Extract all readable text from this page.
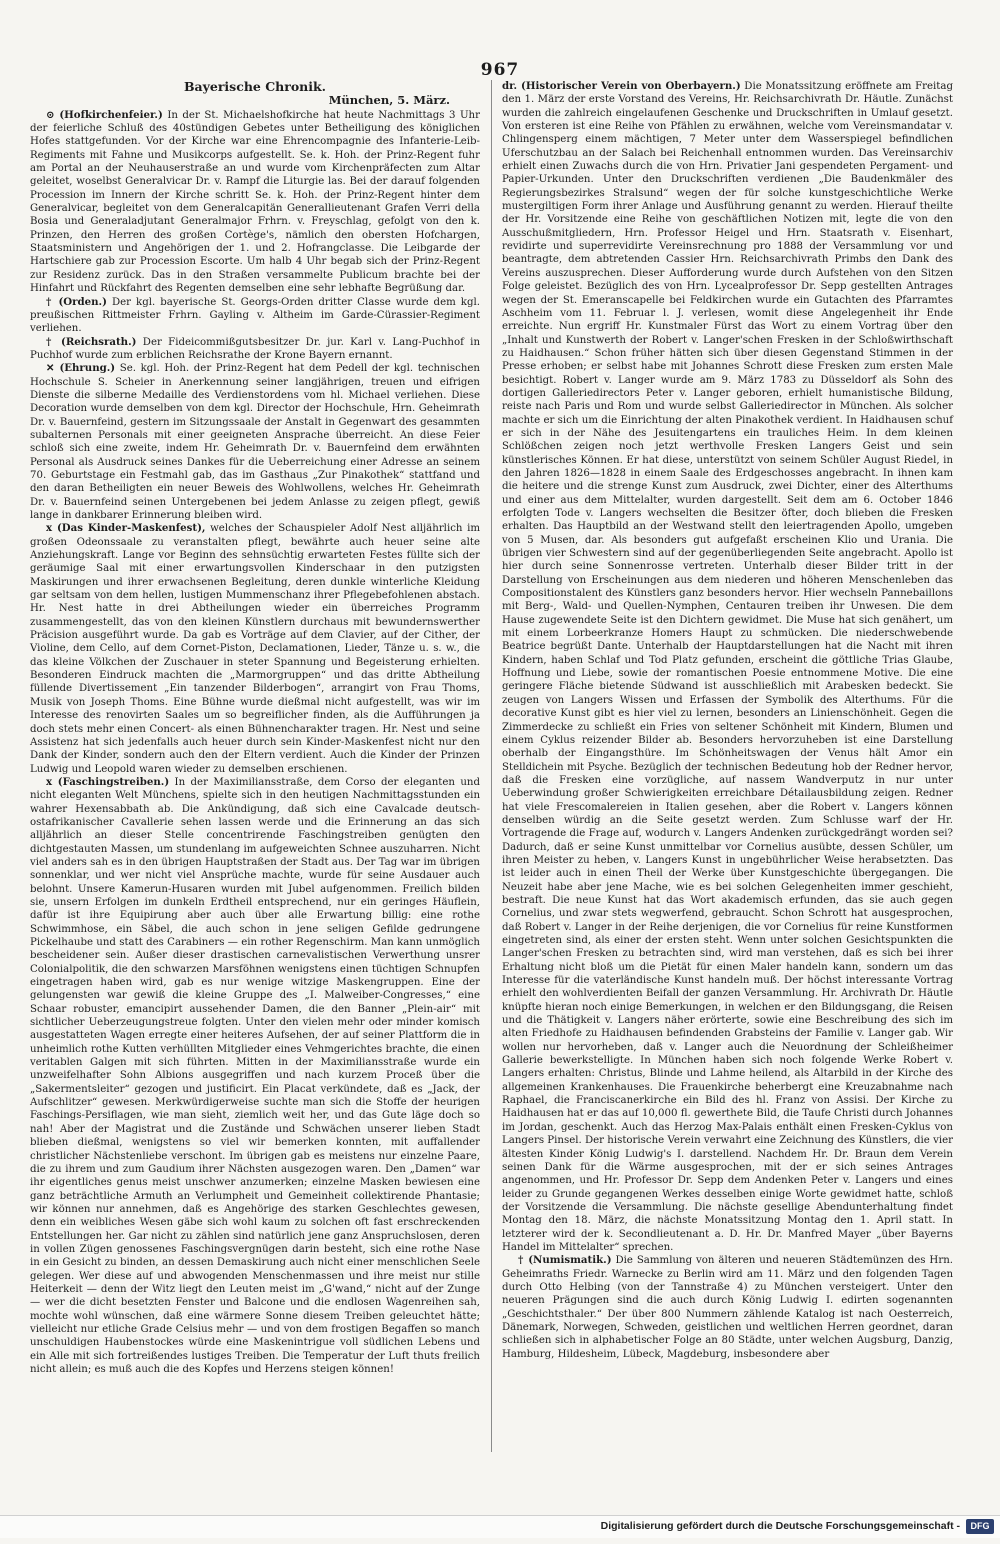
967
Bayerische Chronik.
München, 5. März.

⊙ (Hofkirchenfeier.) In der St. Michaelshofkirche hat heute Nachmittags 3 Uhr der feierliche Schluß des 40stündigen Gebetes unter Betheiligung des königlichen Hofes stattgefunden. Vor der Kirche war eine Ehrencompagnie des Infanterie-Leib-Regiments mit Fahne und Musikcorps aufgestellt. Se. k. Hoh. der Prinz-Regent fuhr am Portal an der Neuhauserstraße an und wurde vom Kirchenpräfecten zum Altar geleitet, woselbst Generalvicar Dr. v. Rampf die Liturgie las. Bei der darauf folgenden Procession im Innern der Kirche schritt Se. k. Hoh. der Prinz-Regent hinter dem Generalvicar, begleitet von dem Generalcapitän Generallieutenant Grafen Verri della Bosia und Generaladjutant Generalmajor Frhrn. v. Freyschlag, gefolgt von den k. Prinzen, den Herren des großen Cortège's, nämlich den obersten Hofchargen, Staatsministern und Angehörigen der 1. und 2. Hofrangclasse. Die Leibgarde der Hartschiere gab zur Procession Escorte. Um halb 4 Uhr begab sich der Prinz-Regent zur Residenz zurück. Das in den Straßen versammelte Publicum brachte bei der Hinfahrt und Rückfahrt des Regenten demselben eine sehr lebhafte Begrüßung dar.

† (Orden.) Der kgl. bayerische St. Georgs-Orden dritter Classe wurde dem kgl. preußischen Rittmeister Frhrn. Gayling v. Altheim im Garde-Cürassier-Regiment verliehen.

† (Reichsrath.) Der Fideicommißgutsbesitzer Dr. jur. Karl v. Lang-Puchhof in Puchhof wurde zum erblichen Reichsrathe der Krone Bayern ernannt.

✕ (Ehrung.) Se. kgl. Hoh. der Prinz-Regent hat dem Pedell der kgl. technischen Hochschule S. Scheier in Anerkennung seiner langjährigen, treuen und eifrigen Dienste die silberne Medaille des Verdienstordens vom hl. Michael verliehen. Diese Decoration wurde demselben von dem kgl. Director der Hochschule, Hrn. Geheimrath Dr. v. Bauernfeind, gestern im Sitzungssaale der Anstalt in Gegenwart des gesammten subalternen Personals mit einer geeigneten Ansprache überreicht. An diese Feier schloß sich eine zweite, indem Hr. Geheimrath Dr. v. Bauernfeind dem erwähnten Personal als Ausdruck seines Dankes für die Ueberreichung einer Adresse an seinem 70. Geburtstage ein Festmahl gab, das im Gasthaus „Zur Pinakothek“ stattfand und den daran Betheiligten ein neuer Beweis des Wohlwollens, welches Hr. Geheimrath Dr. v. Bauernfeind seinen Untergebenen bei jedem Anlasse zu zeigen pflegt, gewiß lange in dankbarer Erinnerung bleiben wird.

x (Das Kinder-Maskenfest), welches der Schauspieler Adolf Nest alljährlich im großen Odeonssaale zu veranstalten pflegt, bewährte auch heuer seine alte Anziehungskraft. Lange vor Beginn des sehnsüchtig erwarteten Festes füllte sich der geräumige Saal mit einer erwartungsvollen Kinderschaar in den putzigsten Maskirungen und ihrer erwachsenen Begleitung, deren dunkle winterliche Kleidung gar seltsam von dem hellen, lustigen Mummenschanz ihrer Pflegebefohlenen abstach. Hr. Nest hatte in drei Abtheilungen wieder ein überreiches Programm zusammengestellt, das von den kleinen Künstlern durchaus mit bewundernswerther Präcision ausgeführt wurde. Da gab es Vorträge auf dem Clavier, auf der Cither, der Violine, dem Cello, auf dem Cornet-Piston, Declamationen, Lieder, Tänze u. s. w., die das kleine Völkchen der Zuschauer in steter Spannung und Begeisterung erhielten. Besonderen Eindruck machten die „Marmorgruppen“ und das dritte Abtheilung füllende Divertissement „Ein tanzender Bilderbogen“, arrangirt von Frau Thoms, Musik von Joseph Thoms. Eine Bühne wurde dießmal nicht aufgestellt, was wir im Interesse des renovirten Saales um so begreiflicher finden, als die Aufführungen ja doch stets mehr einen Concert- als einen Bühnencharakter tragen. Hr. Nest und seine Assistenz hat sich jedenfalls auch heuer durch sein Kinder-Maskenfest nicht nur den Dank der Kinder, sondern auch den der Eltern verdient. Auch die Kinder der Prinzen Ludwig und Leopold waren wieder zu demselben erschienen.

x (Faschingstreiben.) In der Maximiliansstraße, dem Corso der eleganten und nicht eleganten Welt Münchens, spielte sich in den heutigen Nachmittagsstunden ein wahrer Hexensabbath ab. Die Ankündigung, daß sich eine Cavalcade deutsch-ostafrikanischer Cavallerie sehen lassen werde und die Erinnerung an das sich alljährlich an dieser Stelle concentrirende Faschingstreiben genügten den dichtgestauten Massen, um stundenlang im aufgeweichten Schnee auszuharren. Nicht viel anders sah es in den übrigen Hauptstraßen der Stadt aus. Der Tag war im übrigen sonnenklar, und wer nicht viel Ansprüche machte, wurde für seine Ausdauer auch belohnt. Unsere Kamerun-Husaren wurden mit Jubel aufgenommen. Freilich bilden sie, unsern Erfolgen im dunkeln Erdtheil entsprechend, nur ein geringes Häuflein, dafür ist ihre Equipirung aber auch über alle Erwartung billig: eine rothe Schwimmhose, ein Säbel, die auch schon in jene seligen Gefilde gedrungene Pickelhaube und statt des Carabiners — ein rother Regenschirm. Man kann unmöglich bescheidener sein. Außer dieser drastischen carnevalistischen Verwerthung unsrer Colonialpolitik, die den schwarzen Marsföhnen wenigstens einen tüchtigen Schnupfen eingetragen haben wird, gab es nur wenige witzige Maskengruppen. Eine der gelungensten war gewiß die kleine Gruppe des „I. Malweiber-Congresses,“ eine Schaar robuster, emancipirt aussehender Damen, die den Banner „Plein-air“ mit sichtlicher Ueberzeugungstreue folgten. Unter den vielen mehr oder minder komisch ausgestatteten Wagen erregte einer heiteres Aufsehen, der auf seiner Plattform die in unheimlich rothe Kutten verhüllten Mitglieder eines Vehmgerichtes brachte, die einen veritablen Galgen mit sich führten. Mitten in der Maximiliansstraße wurde ein unzweifelhafter Sohn Albions ausgegriffen und nach kurzem Proceß über die „Sakermentsleiter“ gezogen und justificirt. Ein Placat verkündete, daß es „Jack, der Aufschlitzer“ gewesen. Merkwürdigerweise suchte man sich die Stoffe der heurigen Faschings-Persiflagen, wie man sieht, ziemlich weit her, und das Gute läge doch so nah! Aber der Magistrat und die Zustände und Schwächen unserer lieben Stadt blieben dießmal, wenigstens so viel wir bemerken konnten, mit auffallender christlicher Nächstenliebe verschont. Im übrigen gab es meistens nur einzelne Paare, die zu ihrem und zum Gaudium ihrer Nächsten ausgezogen waren. Den „Damen“ war ihr eigentliches genus meist unschwer anzumerken; einzelne Masken bewiesen eine ganz beträchtliche Armuth an Verlumpheit und Gemeinheit collektirende Phantasie; wir können nur annehmen, daß es Angehörige des starken Geschlechtes gewesen, denn ein weibliches Wesen gäbe sich wohl kaum zu solchen oft fast erschreckenden Entstellungen her. Gar nicht zu zählen sind natürlich jene ganz Anspruchslosen, deren in vollen Zügen genossenes Faschingsvergnügen darin besteht, sich eine rothe Nase in ein Gesicht zu binden, an dessen Demaskirung auch nicht einer menschlichen Seele gelegen. Wer diese auf und abwogenden Menschenmassen und ihre meist nur stille Heiterkeit — denn der Witz liegt den Leuten meist im „G'wand,“ nicht auf der Zunge — wer die dicht besetzten Fenster und Balcone und die endlosen Wagenreihen sah, mochte wohl wünschen, daß eine wärmere Sonne diesem Treiben geleuchtet hätte; vielleicht nur etliche Grade Celsius mehr — und von dem frostigen Begaffen so manch unschuldigen Haubenstockes würde eine Maskenintrigue voll südlichen Lebens und ein Alle mit sich fortreißendes lustiges Treiben. Die Temperatur der Luft thuts freilich nicht allein; es muß auch die des Kopfes und Herzens steigen können!

dr. (Historischer Verein von Oberbayern.) Die Monatssitzung eröffnete am Freitag den 1. März der erste Vorstand des Vereins, Hr. Reichsarchivrath Dr. Häutle. Zunächst wurden die zahlreich eingelaufenen Geschenke und Druckschriften in Umlauf gesetzt. Von ersteren ist eine Reihe von Pfählen zu erwähnen, welche vom Vereinsmandatar v. Chlingensperg einem mächtigen, 7 Meter unter dem Wasserspiegel befindlichen Uferschutzbau an der Salach bei Reichenhall entnommen wurden. Das Vereinsarchiv erhielt einen Zuwachs durch die von Hrn. Privatier Jani gespendeten Pergament- und Papier-Urkunden. Unter den Druckschriften verdienen „Die Baudenkmäler des Regierungsbezirkes Stralsund“ wegen der für solche kunstgeschichtliche Werke mustergiltigen Form ihrer Anlage und Ausführung genannt zu werden. Hierauf theilte der Hr. Vorsitzende eine Reihe von geschäftlichen Notizen mit, legte die von den Ausschußmitgliedern, Hrn. Professor Heigel und Hrn. Staatsrath v. Eisenhart, revidirte und superrevidirte Vereinsrechnung pro 1888 der Versammlung vor und beantragte, dem abtretenden Cassier Hrn. Reichsarchivrath Primbs den Dank des Vereins auszusprechen. Dieser Aufforderung wurde durch Aufstehen von den Sitzen Folge geleistet. Bezüglich des von Hrn. Lycealprofessor Dr. Sepp gestellten Antrages wegen der St. Emeranscapelle bei Feldkirchen wurde ein Gutachten des Pfarramtes Aschheim vom 11. Februar l. J. verlesen, womit diese Angelegenheit ihr Ende erreichte. Nun ergriff Hr. Kunstmaler Fürst das Wort zu einem Vortrag über den „Inhalt und Kunstwerth der Robert v. Langer'schen Fresken in der Schloßwirthschaft zu Haidhausen.“ Schon früher hätten sich über diesen Gegenstand Stimmen in der Presse erhoben; er selbst habe mit Johannes Schrott diese Fresken zum ersten Male besichtigt. Robert v. Langer wurde am 9. März 1783 zu Düsseldorf als Sohn des dortigen Galleriedirectors Peter v. Langer geboren, erhielt humanistische Bildung, reiste nach Paris und Rom und wurde selbst Galleriedirector in München. Als solcher machte er sich um die Einrichtung der alten Pinakothek verdient. In Haidhausen schuf er sich in der Nähe des Jesuitengartens ein trauliches Heim. In dem kleinen Schlößchen zeigen noch jetzt werthvolle Fresken Langers Geist und sein künstlerisches Können. Er hat diese, unterstützt von seinem Schüler August Riedel, in den Jahren 1826—1828 in einem Saale des Erdgeschosses angebracht. In ihnen kam die heitere und die strenge Kunst zum Ausdruck, zwei Dichter, einer des Alterthums und einer aus dem Mittelalter, wurden dargestellt. Seit dem am 6. October 1846 erfolgten Tode v. Langers wechselten die Besitzer öfter, doch blieben die Fresken erhalten. Das Hauptbild an der Westwand stellt den leiertragenden Apollo, umgeben von 5 Musen, dar. Als besonders gut aufgefaßt erscheinen Klio und Urania. Die übrigen vier Schwestern sind auf der gegenüberliegenden Seite angebracht. Apollo ist hier durch seine Sonnenrosse vertreten. Unterhalb dieser Bilder tritt in der Darstellung von Erscheinungen aus dem niederen und höheren Menschenleben das Compositionstalent des Künstlers ganz besonders hervor. Hier wechseln Pannebaillons mit Berg-, Wald- und Quellen-Nymphen, Centauren treiben ihr Unwesen. Die dem Hause zugewendete Seite ist den Dichtern gewidmet. Die Muse hat sich genähert, um mit einem Lorbeerkranze Homers Haupt zu schmücken. Die niederschwebende Beatrice begrüßt Dante. Unterhalb der Hauptdarstellungen hat die Nacht mit ihren Kindern, haben Schlaf und Tod Platz gefunden, erscheint die göttliche Trias Glaube, Hoffnung und Liebe, sowie der romantischen Poesie entnommene Motive. Die eine geringere Fläche bietende Südwand ist ausschließlich mit Arabesken bedeckt. Sie zeugen von Langers Wissen und Erfassen der Symbolik des Alterthums. Für die decorative Kunst gibt es hier viel zu lernen, besonders an Linienschönheit. Gegen die Zimmerdecke zu schließt ein Fries von seltener Schönheit mit Kindern, Blumen und einem Cyklus reizender Bilder ab. Besonders hervorzuheben ist eine Darstellung oberhalb der Eingangsthüre. Im Schönheitswagen der Venus hält Amor ein Stelldichein mit Psyche. Bezüglich der technischen Bedeutung hob der Redner hervor, daß die Fresken eine vorzügliche, auf nassem Wandverputz in nur unter Ueberwindung großer Schwierigkeiten erreichbare Détailausbildung zeigen. Redner hat viele Frescomalereien in Italien gesehen, aber die Robert v. Langers können denselben würdig an die Seite gesetzt werden. Zum Schlusse warf der Hr. Vortragende die Frage auf, wodurch v. Langers Andenken zurückgedrängt worden sei? Dadurch, daß er seine Kunst unmittelbar vor Cornelius ausübte, dessen Schüler, um ihren Meister zu heben, v. Langers Kunst in ungebührlicher Weise herabsetzten. Das ist leider auch in einen Theil der Werke über Kunstgeschichte übergegangen. Die Neuzeit habe aber jene Mache, wie es bei solchen Gelegenheiten immer geschieht, bestraft. Die neue Kunst hat das Wort akademisch erfunden, das sie auch gegen Cornelius, und zwar stets wegwerfend, gebraucht. Schon Schrott hat ausgesprochen, daß Robert v. Langer in der Reihe derjenigen, die vor Cornelius für reine Kunstformen eingetreten sind, als einer der ersten steht. Wenn unter solchen Gesichtspunkten die Langer'schen Fresken zu betrachten sind, wird man verstehen, daß es sich bei ihrer Erhaltung nicht bloß um die Pietät für einen Maler handeln kann, sondern um das Interesse für die vaterländische Kunst handeln muß. Der höchst interessante Vortrag erhielt den wohlverdienten Beifall der ganzen Versammlung. Hr. Archivrath Dr. Häutle knüpfte hieran noch einige Bemerkungen, in welchen er den Bildungsgang, die Reisen und die Thätigkeit v. Langers näher erörterte, sowie eine Beschreibung des sich im alten Friedhofe zu Haidhausen befindenden Grabsteins der Familie v. Langer gab. Wir wollen nur hervorheben, daß v. Langer auch die Neuordnung der Schleißheimer Gallerie bewerkstelligte. In München haben sich noch folgende Werke Robert v. Langers erhalten: Christus, Blinde und Lahme heilend, als Altarbild in der Kirche des allgemeinen Krankenhauses. Die Frauenkirche beherbergt eine Kreuzabnahme nach Raphael, die Franciscanerkirche ein Bild des hl. Franz von Assisi. Der Kirche zu Haidhausen hat er das auf 10,000 fl. gewerthete Bild, die Taufe Christi durch Johannes im Jordan, geschenkt. Auch das Herzog Max-Palais enthält einen Fresken-Cyklus von Langers Pinsel. Der historische Verein verwahrt eine Zeichnung des Künstlers, die vier ältesten Kinder König Ludwig's I. darstellend. Nachdem Hr. Dr. Braun dem Verein seinen Dank für die Wärme ausgesprochen, mit der er sich seines Antrages angenommen, und Hr. Professor Dr. Sepp dem Andenken Peter v. Langers und eines leider zu Grunde gegangenen Werkes desselben einige Worte gewidmet hatte, schloß der Vorsitzende die Versammlung. Die nächste gesellige Abendunterhaltung findet Montag den 18. März, die nächste Monatssitzung Montag den 1. April statt. In letzterer wird der k. Secondlieutenant a. D. Hr. Dr. Manfred Mayer „über Bayerns Handel im Mittelalter“ sprechen.

† (Numismatik.) Die Sammlung von älteren und neueren Städtemünzen des Hrn. Geheimraths Friedr. Warnecke zu Berlin wird am 11. März und den folgenden Tagen durch Otto Helbing (von der Tannstraße 4) zu München versteigert. Unter den neueren Prägungen sind die auch durch König Ludwig I. edirten sogenannten „Geschichtsthaler.“ Der über 800 Nummern zählende Katalog ist nach Oesterreich, Dänemark, Norwegen, Schweden, geistlichen und weltlichen Herren geordnet, daran schließen sich in alphabetischer Folge an 80 Städte, unter welchen Augsburg, Danzig, Hamburg, Hildesheim, Lübeck, Magdeburg, insbesondere aber

Digitalisierung gefördert durch die Deutsche Forschungsgemeinschaft -	DFG
